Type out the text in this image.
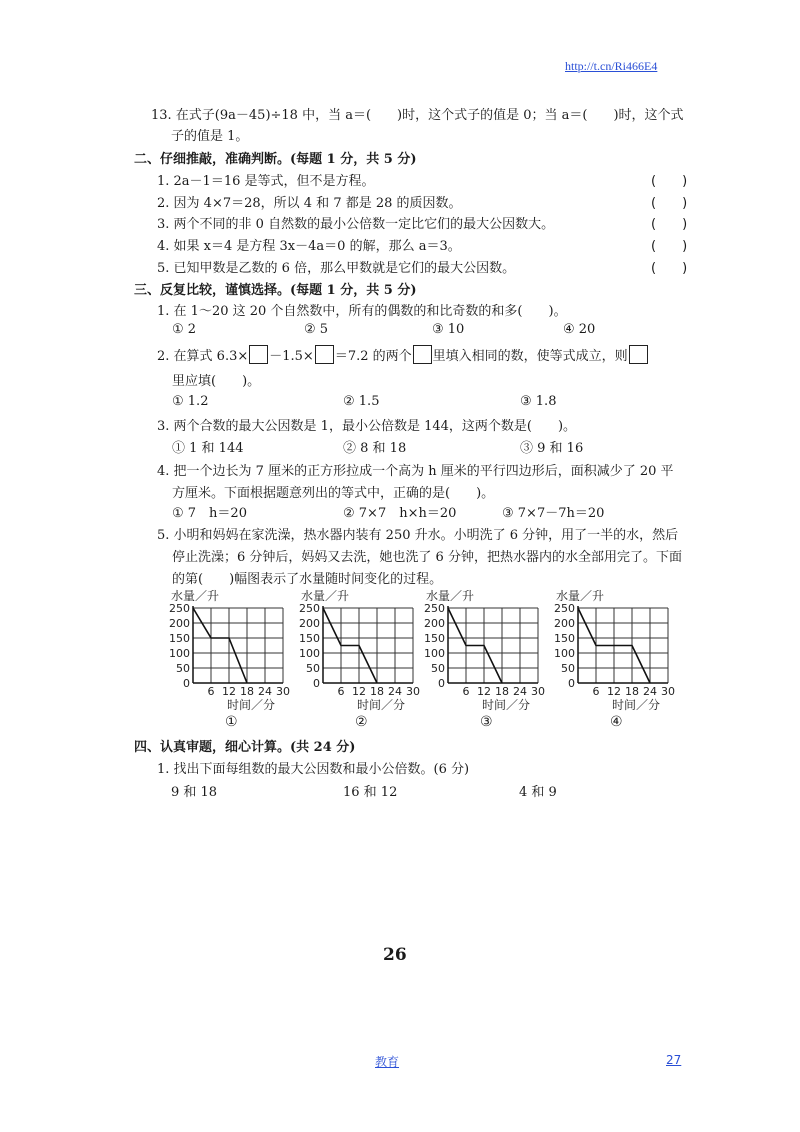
http://t.cn/Ri466E4
13. 在式子(9a－45)÷18 中，当 a＝(　　)时，这个式子的值是 0；当 a＝(　　)时，这个式
子的值是 1。
二、仔细推敲，准确判断。(每题 1 分，共 5 分)
1. 2a－1＝16 是等式，但不是方程。	(　　)
2. 因为 4×7＝28，所以 4 和 7 都是 28 的质因数。	(　　)
3. 两个不同的非 0 自然数的最小公倍数一定比它们的最大公因数大。	(　　)
4. 如果 x＝4 是方程 3x－4a＝0 的解，那么 a＝3。	(　　)
5. 已知甲数是乙数的 6 倍，那么甲数就是它们的最大公因数。	(　　)
三、反复比较，谨慎选择。(每题 1 分，共 5 分)
1. 在 1～20 这 20 个自然数中，所有的偶数的和比奇数的和多(　　)。
① 2	② 5	③ 10	④ 20
2. 在算式 6.3× －1.5× ＝7.2 的两个 里填入相同的数，使等式成立，则
里应填(　　)。
① 1.2	② 1.5	③ 1.8
3. 两个合数的最大公因数是 1，最小公倍数是 144，这两个数是(　　)。
① 1 和 144	② 8 和 18	③ 9 和 16
4. 把一个边长为 7 厘米的正方形拉成一个高为 h 厘米的平行四边形后，面积减少了 20 平
方厘米。下面根据题意列出的等式中，正确的是(　　)。
① 7　h＝20	② 7×7　h×h＝20	③ 7×7－7h＝20
5. 小明和妈妈在家洗澡，热水器内装有 250 升水。小明洗了 6 分钟，用了一半的水，然后
停止洗澡；6 分钟后，妈妈又去洗，她也洗了 6 分钟，把热水器内的水全部用完了。下面
的第(　　)幅图表示了水量随时间变化的过程。
水量／升
0
50
100
150
200
250
6 12 18 24 30
时间／分
①
水量／升
0
50
100
150
200
250
6 12 18 24 30
时间／分
②
水量／升
0
50
100
150
200
250
6 12 18 24 30
时间／分
③
水量／升
0
50
100
150
200
250
6 12 18 24 30
时间／分
④
四、认真审题，细心计算。(共 24 分)
1. 找出下面每组数的最大公因数和最小公倍数。(6 分)
9 和 18	16 和 12	4 和 9
26
教育	27
